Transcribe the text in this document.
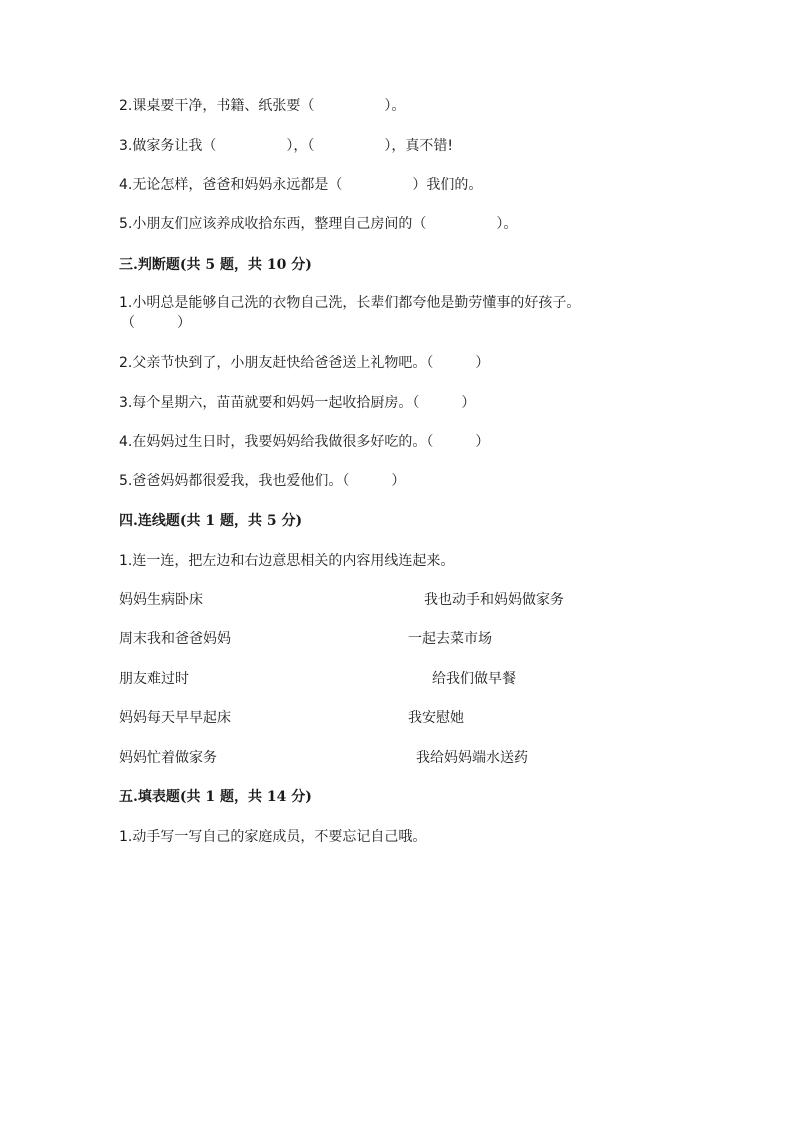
2.课桌要干净，书籍、纸张要（　　　　　）。
3.做家务让我（　　　　　），（　　　　　），真不错!
4.无论怎样，爸爸和妈妈永远都是（　　　　　）我们的。
5.小朋友们应该养成收拾东西，整理自己房间的（　　　　　）。
三.判断题(共 5 题，共 10 分)
1.小明总是能够自己洗的衣物自己洗，长辈们都夸他是勤劳懂事的好孩子。
（　　　）
2.父亲节快到了，小朋友赶快给爸爸送上礼物吧。（　　　）
3.每个星期六，苗苗就要和妈妈一起收拾厨房。（　　　）
4.在妈妈过生日时，我要妈妈给我做很多好吃的。（　　　）
5.爸爸妈妈都很爱我，我也爱他们。（　　　）
四.连线题(共 1 题，共 5 分)
1.连一连，把左边和右边意思相关的内容用线连起来。
妈妈生病卧床	我也动手和妈妈做家务
周末我和爸爸妈妈	一起去菜市场
朋友难过时	给我们做早餐
妈妈每天早早起床	我安慰她
妈妈忙着做家务	我给妈妈端水送药
五.填表题(共 1 题，共 14 分)
1.动手写一写自己的家庭成员，不要忘记自己哦。
